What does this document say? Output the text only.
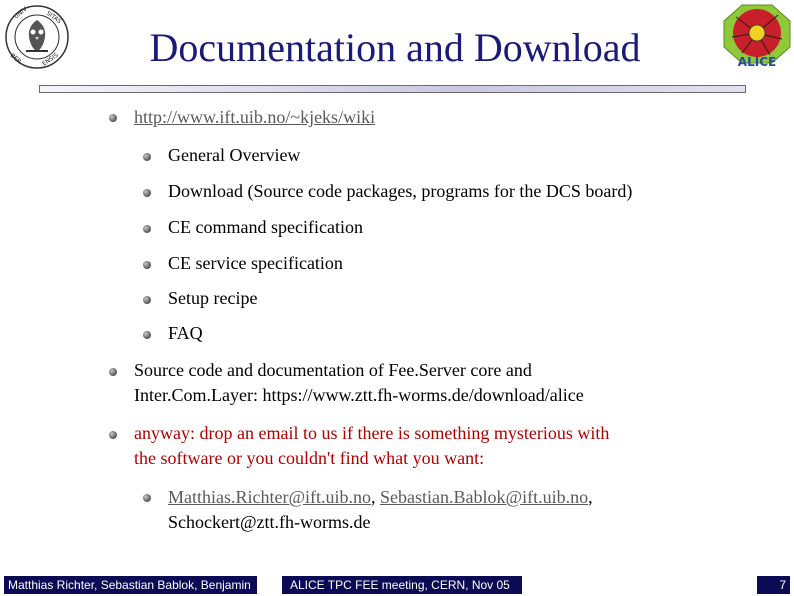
UNIV	SITAS
BER	ENSIS	ALICE
Documentation and Download
http://www.ift.uib.no/~kjeks/wiki
General Overview
Download (Source code packages, programs for the DCS board)
CE command specification
CE service specification
Setup recipe
FAQ
Source code and documentation of Fee.Server core and
Inter.Com.Layer: https://www.ztt.fh-worms.de/download/alice
anyway: drop an email to us if there is something mysterious with
the software or you couldn't find what you want:
Matthias.Richter@ift.uib.no, Sebastian.Bablok@ift.uib.no,
Schockert@ztt.fh-worms.de
Matthias Richter, Sebastian Bablok, Benjamin	ALICE TPC FEE meeting, CERN, Nov 05	7
